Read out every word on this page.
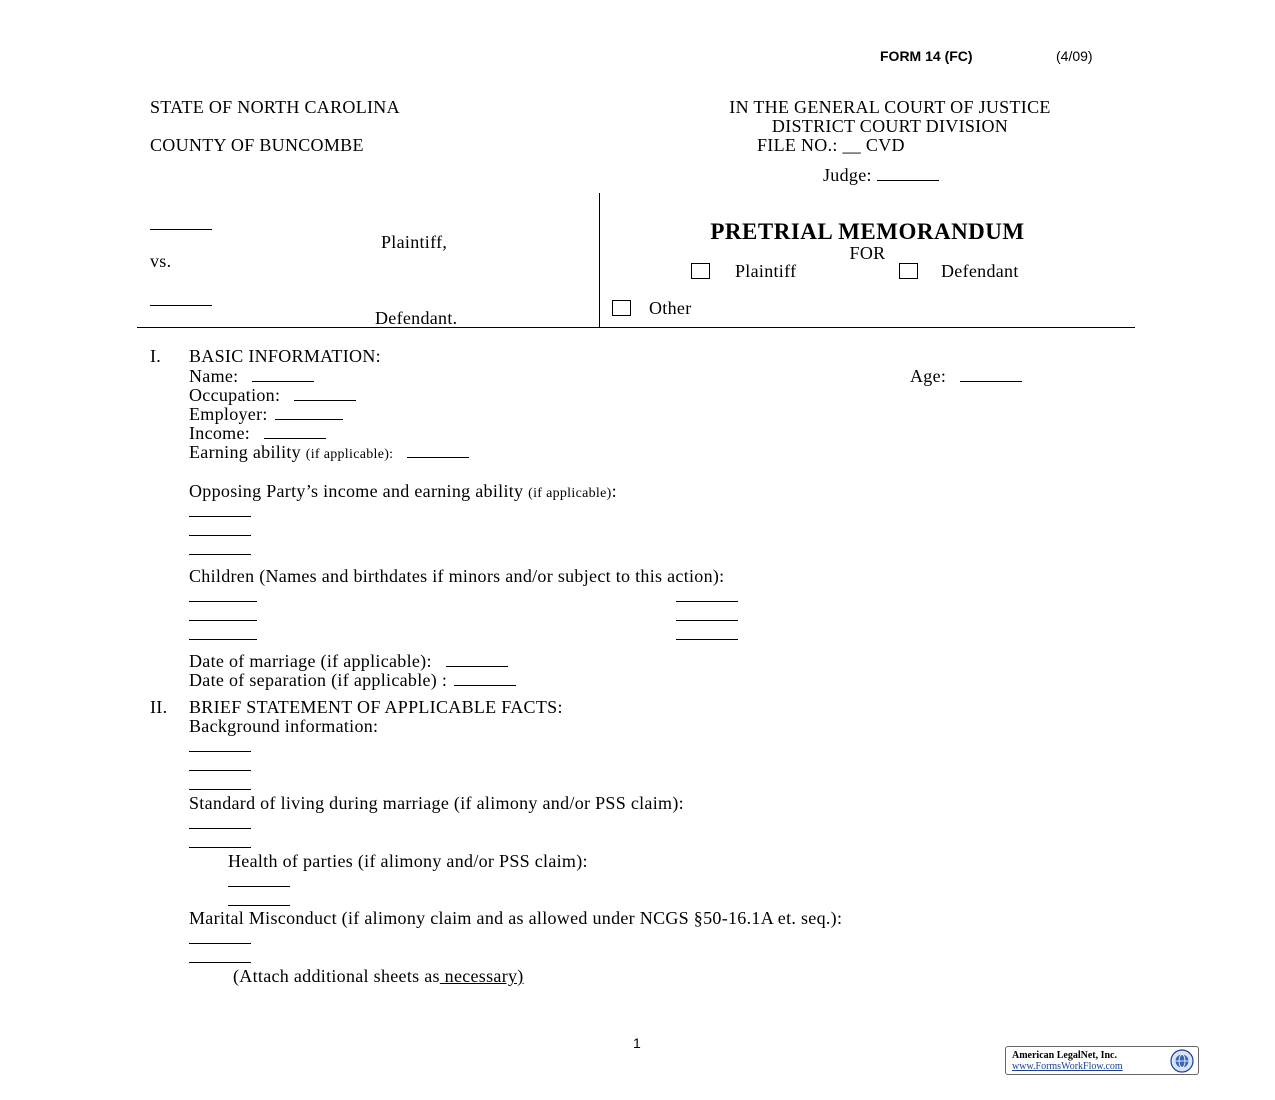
FORM 14 (FC)	(4/09)
STATE OF NORTH CAROLINA
COUNTY OF BUNCOMBE
IN THE GENERAL COURT OF JUSTICE
DISTRICT COURT DIVISION
FILE NO.: __ CVD
Judge:
Plaintiff,
vs.
Defendant.
PRETRIAL MEMORANDUM
FOR
Plaintiff	Defendant
Other
I. BASIC INFORMATION:
Name:	Age:
Occupation:
Employer:
Income:
Earning ability (if applicable):
Opposing Party’s income and earning ability (if applicable):
Children (Names and birthdates if minors and/or subject to this action):
Date of marriage (if applicable):
Date of separation (if applicable) :
II. BRIEF STATEMENT OF APPLICABLE FACTS:
Background information:
Standard of living during marriage (if alimony and/or PSS claim):
Health of parties (if alimony and/or PSS claim):
Marital Misconduct (if alimony claim and as allowed under NCGS §50-16.1A et. seq.):
(Attach additional sheets as necessary)
1
American LegalNet, Inc.
www.FormsWorkFlow.com
